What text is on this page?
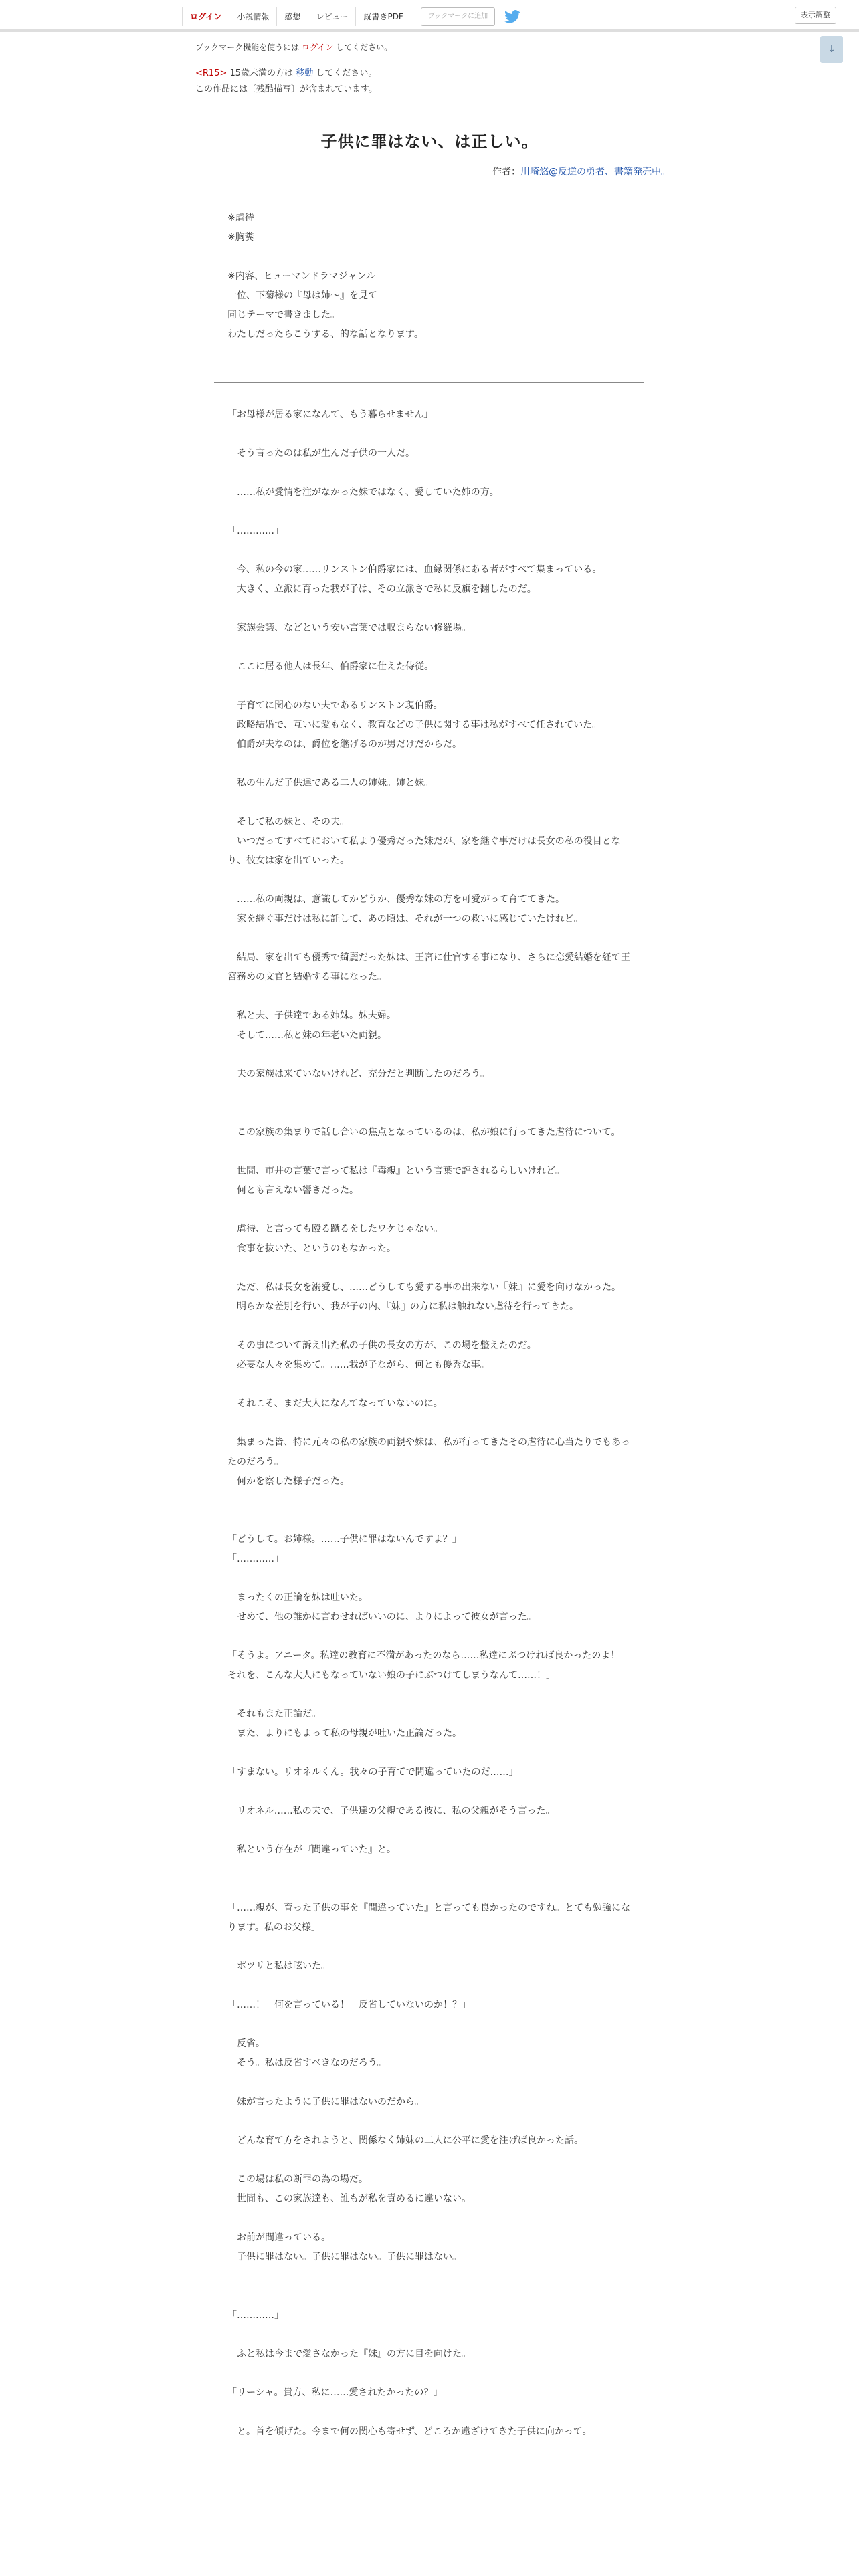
ログイン	小説情報	感想	レビュー	縦書きPDF	ブックマークに追加	表示調整
↓
ブックマーク機能を使うには ログイン してください。
<R15> 15歳未満の方は 移動 してください。
この作品には〔残酷描写〕が含まれています。
子供に罪はない、は正しい。
作者：川崎悠@反逆の勇者、書籍発売中。
※虐待
※胸糞
※内容、ヒューマンドラマジャンル
一位、下菊様の『母は姉〜』を見て
同じテーマで書きました。
わたしだったらこうする、的な話となります。
「お母様が居る家になんて、もう暮らせません」
　そう言ったのは私が生んだ子供の一人だ。
　……私が愛情を注がなかった妹ではなく、愛していた姉の方。
「…………」
　今、私の今の家……リンストン伯爵家には、血縁関係にある者がすべて集まっている。
　大きく、立派に育った我が子は、その立派さで私に反旗を翻したのだ。
　家族会議、などという安い言葉では収まらない修羅場。
　ここに居る他人は長年、伯爵家に仕えた侍従。
　子育てに関心のない夫であるリンストン現伯爵。
　政略結婚で、互いに愛もなく、教育などの子供に関する事は私がすべて任されていた。
　伯爵が夫なのは、爵位を継げるのが男だけだからだ。
　私の生んだ子供達である二人の姉妹。姉と妹。
　そして私の妹と、その夫。
　いつだってすべてにおいて私より優秀だった妹だが、家を継ぐ事だけは長女の私の役目となり、彼女は家を出ていった。
　……私の両親は、意識してかどうか、優秀な妹の方を可愛がって育ててきた。
　家を継ぐ事だけは私に託して、あの頃は、それが一つの救いに感じていたけれど。
　結局、家を出ても優秀で綺麗だった妹は、王宮に仕官する事になり、さらに恋愛結婚を経て王宮務めの文官と結婚する事になった。
　私と夫、子供達である姉妹。妹夫婦。
　そして……私と妹の年老いた両親。
　夫の家族は来ていないけれど、充分だと判断したのだろう。
　この家族の集まりで話し合いの焦点となっているのは、私が娘に行ってきた虐待について。
　世間、市井の言葉で言って私は『毒親』という言葉で評されるらしいけれど。
　何とも言えない響きだった。
　虐待、と言っても殴る蹴るをしたワケじゃない。
　食事を抜いた、というのもなかった。
　ただ、私は長女を溺愛し、……どうしても愛する事の出来ない『妹』に愛を向けなかった。
　明らかな差別を行い、我が子の内、『妹』の方に私は触れない虐待を行ってきた。
　その事について訴え出た私の子供の長女の方が、この場を整えたのだ。
　必要な人々を集めて。……我が子ながら、何とも優秀な事。
　それこそ、まだ大人になんてなっていないのに。
　集まった皆、特に元々の私の家族の両親や妹は、私が行ってきたその虐待に心当たりでもあったのだろう。
　何かを察した様子だった。
「どうして。お姉様。……子供に罪はないんですよ？」
「…………」
　まったくの正論を妹は吐いた。
　せめて、他の誰かに言わせればいいのに、よりによって彼女が言った。
「そうよ。アニータ。私達の教育に不満があったのなら……私達にぶつければ良かったのよ！　それを、こんな大人にもなっていない娘の子にぶつけてしまうなんて……！」
　それもまた正論だ。
　また、よりにもよって私の母親が吐いた正論だった。
「すまない。リオネルくん。我々の子育てで間違っていたのだ……」
　リオネル……私の夫で、子供達の父親である彼に、私の父親がそう言った。
　私という存在が『間違っていた』と。
「……親が、育った子供の事を『間違っていた』と言っても良かったのですね。とても勉強になります。私のお父様」
　ポツリと私は呟いた。
「……！　何を言っている！　反省していないのか！？」
　反省。
　そう。私は反省すべきなのだろう。
　妹が言ったように子供に罪はないのだから。
　どんな育て方をされようと、関係なく姉妹の二人に公平に愛を注げば良かった話。
　この場は私の断罪の為の場だ。
　世間も、この家族達も、誰もが私を責めるに違いない。
　お前が間違っている。
　子供に罪はない。子供に罪はない。子供に罪はない。
「…………」
　ふと私は今まで愛さなかった『妹』の方に目を向けた。
「リーシャ。貴方、私に……愛されたかったの？」
　と。首を傾げた。今まで何の関心も寄せず、どころか遠ざけてきた子供に向かって。
